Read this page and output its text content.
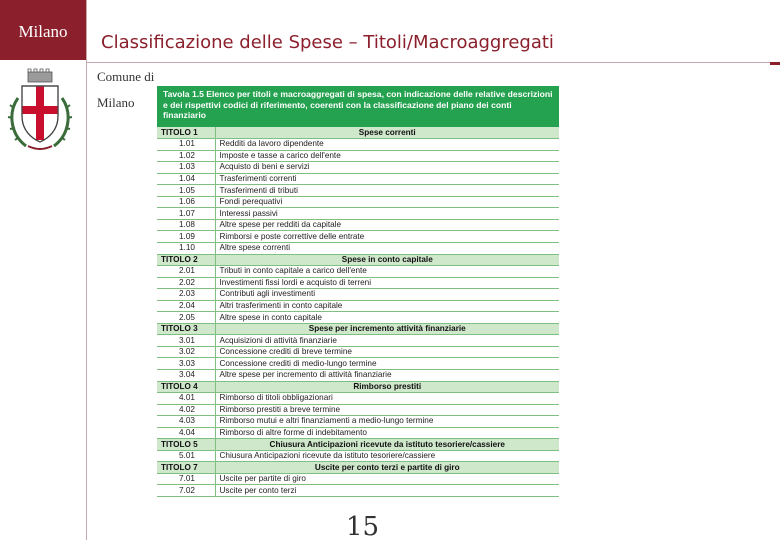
Milano
Classificazione delle Spese – Titoli/Macroaggregati
Comune di
Milano
Tavola 1.5 Elenco per titoli e macroaggregati di spesa, con indicazione delle relative descrizioni e dei rispettivi codici di riferimento, coerenti con la classificazione del piano dei conti finanziario
TITOLO 1	Spese correnti
1.01	Redditi da lavoro dipendente
1.02	Imposte e tasse a carico dell'ente
1.03	Acquisto di beni e servizi
1.04	Trasferimenti correnti
1.05	Trasferimenti di tributi
1.06	Fondi perequativi
1.07	Interessi passivi
1.08	Altre spese per redditi da capitale
1.09	Rimborsi e poste correttive delle entrate
1.10	Altre spese correnti
TITOLO 2	Spese in conto capitale
2.01	Tributi in conto capitale a carico dell'ente
2.02	Investimenti fissi lordi e acquisto di terreni
2.03	Contributi agli investimenti
2.04	Altri trasferimenti in conto capitale
2.05	Altre spese in conto capitale
TITOLO 3	Spese per incremento attività finanziarie
3.01	Acquisizioni di attività finanziarie
3.02	Concessione crediti di breve termine
3.03	Concessione crediti di medio-lungo termine
3.04	Altre spese per incremento di attività finanziarie
TITOLO 4	Rimborso prestiti
4.01	Rimborso di titoli obbligazionari
4.02	Rimborso prestiti a breve termine
4.03	Rimborso mutui e altri finanziamenti a medio-lungo termine
4.04	Rimborso di altre forme di indebitamento
TITOLO 5	Chiusura Anticipazioni ricevute da istituto tesoriere/cassiere
5.01	Chiusura Anticipazioni ricevute da istituto tesoriere/cassiere
TITOLO 7	Uscite per conto terzi e partite di giro
7.01	Uscite per partite di giro
7.02	Uscite per conto terzi
15
